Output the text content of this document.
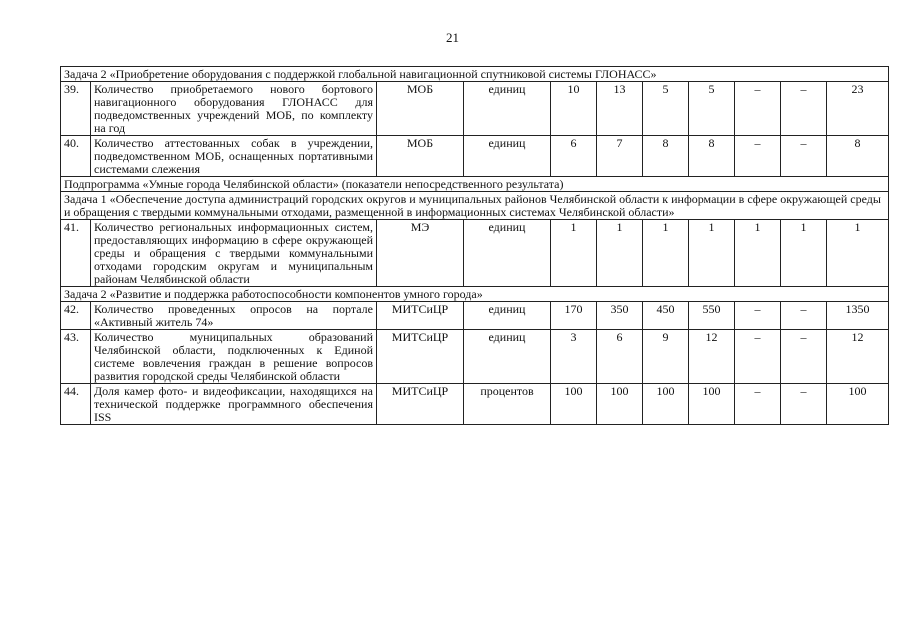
21
Задача 2 «Приобретение оборудования с поддержкой глобальной навигационной спутниковой системы ГЛОНАСС»										
39.	Количество приобретаемого нового бортового навигационного оборудования ГЛОНАСС для подведомственных учреждений МОБ, по комплекту на год	МОБ	единиц	10	13	5	5	–	–	23
40.	Количество аттестованных собак в учреждении, подведомственном МОБ, оснащенных портативными системами слежения	МОБ	единиц	6	7	8	8	–	–	8
Подпрограмма «Умные города Челябинской области» (показатели непосредственного результата)										
Задача 1 «Обеспечение доступа администраций городских округов и муниципальных районов Челябинской области к информации в сфере окружающей среды и обращения с твердыми коммунальными отходами, размещенной в информационных системах Челябинской области»										
41.	Количество региональных информационных систем, предоставляющих информацию в сфере окружающей среды и обращения с твердыми коммунальными отходами городским округам и муниципальным районам Челябинской области	МЭ	единиц	1	1	1	1	1	1	1
Задача 2 «Развитие и поддержка работоспособности компонентов умного города»										
42.	Количество проведенных опросов на портале «Активный житель 74»	МИТСиЦР	единиц	170	350	450	550	–	–	1350
43.	Количество муниципальных образований Челябинской области, подключенных к Единой системе вовлечения граждан в решение вопросов развития городской среды Челябинской области	МИТСиЦР	единиц	3	6	9	12	–	–	12
44.	Доля камер фото- и видеофиксации, находящихся на технической поддержке программного обеспечения ISS	МИТСиЦР	процентов	100	100	100	100	–	–	100
